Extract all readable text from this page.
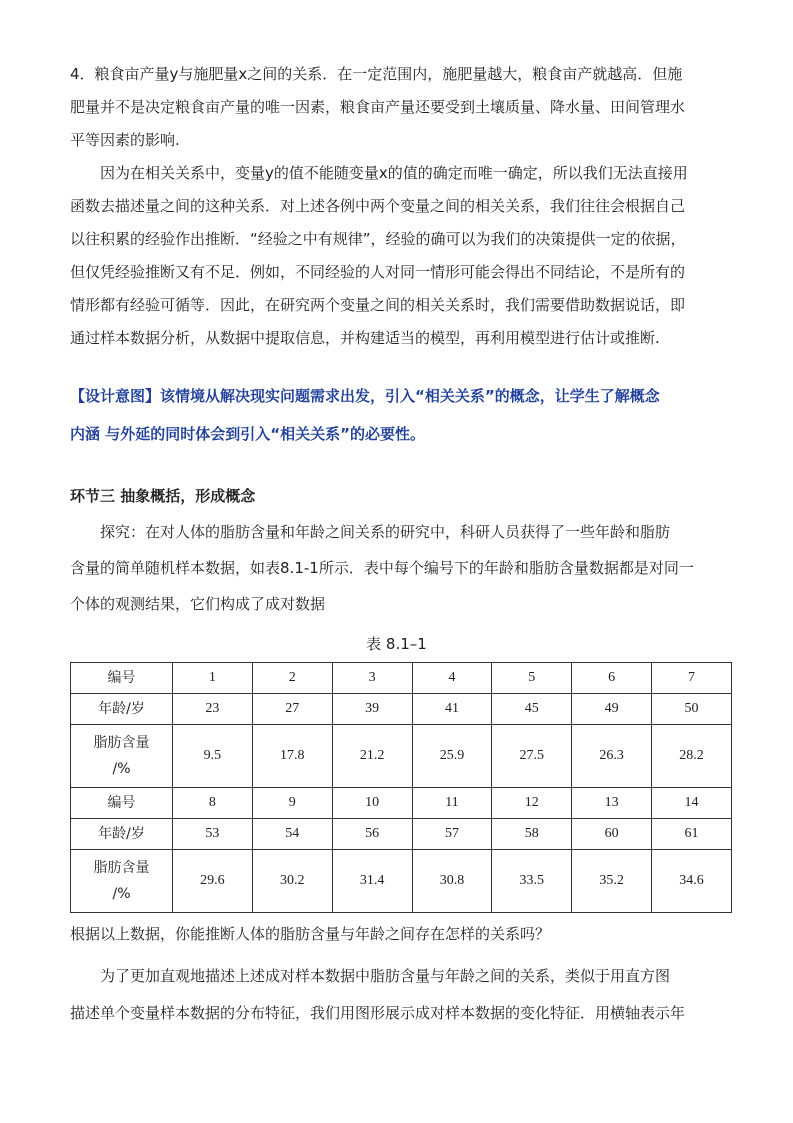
4．粮食亩产量y与施肥量x之间的关系．在一定范围内，施肥量越大，粮食亩产就越高．但施
肥量并不是决定粮食亩产量的唯一因素，粮食亩产量还要受到土壤质量、降水量、田间管理水
平等因素的影响.
因为在相关关系中，变量y的值不能随变量x的值的确定而唯一确定，所以我们无法直接用
函数去描述量之间的这种关系．对上述各例中两个变量之间的相关关系，我们往往会根据自己
以往积累的经验作出推断．“经验之中有规律”，经验的确可以为我们的决策提供一定的依据，
但仅凭经验推断又有不足．例如，不同经验的人对同一情形可能会得出不同结论，不是所有的
情形都有经验可循等．因此，在研究两个变量之间的相关关系时，我们需要借助数据说话，即
通过样本数据分析，从数据中提取信息，并构建适当的模型，再利用模型进行估计或推断.
【设计意图】该情境从解决现实问题需求出发，引入“相关关系”的概念，让学生了解概念
内涵 与外延的同时体会到引入“相关关系”的必要性。
环节三 抽象概括，形成概念
探究：在对人体的脂肪含量和年龄之间关系的研究中，科研人员获得了一些年龄和脂肪
含量的简单随机样本数据，如表8.1-1所示．表中每个编号下的年龄和脂肪含量数据都是对同一
个体的观测结果，它们构成了成对数据
表 8.1–1
编号	1	2	3	4	5	6	7
年龄/岁	23	27	39	41	45	49	50

脂肪含量
/%	9.5	17.8	21.2	25.9	27.5	26.3	28.2
编号	8	9	10	11	12	13	14
年龄/岁	53	54	56	57	58	60	61

脂肪含量
/%	29.6	30.2	31.4	30.8	33.5	35.2	34.6
根据以上数据，你能推断人体的脂肪含量与年龄之间存在怎样的关系吗？
为了更加直观地描述上述成对样本数据中脂肪含量与年龄之间的关系，类似于用直方图
描述单个变量样本数据的分布特征，我们用图形展示成对样本数据的变化特征．用横轴表示年
